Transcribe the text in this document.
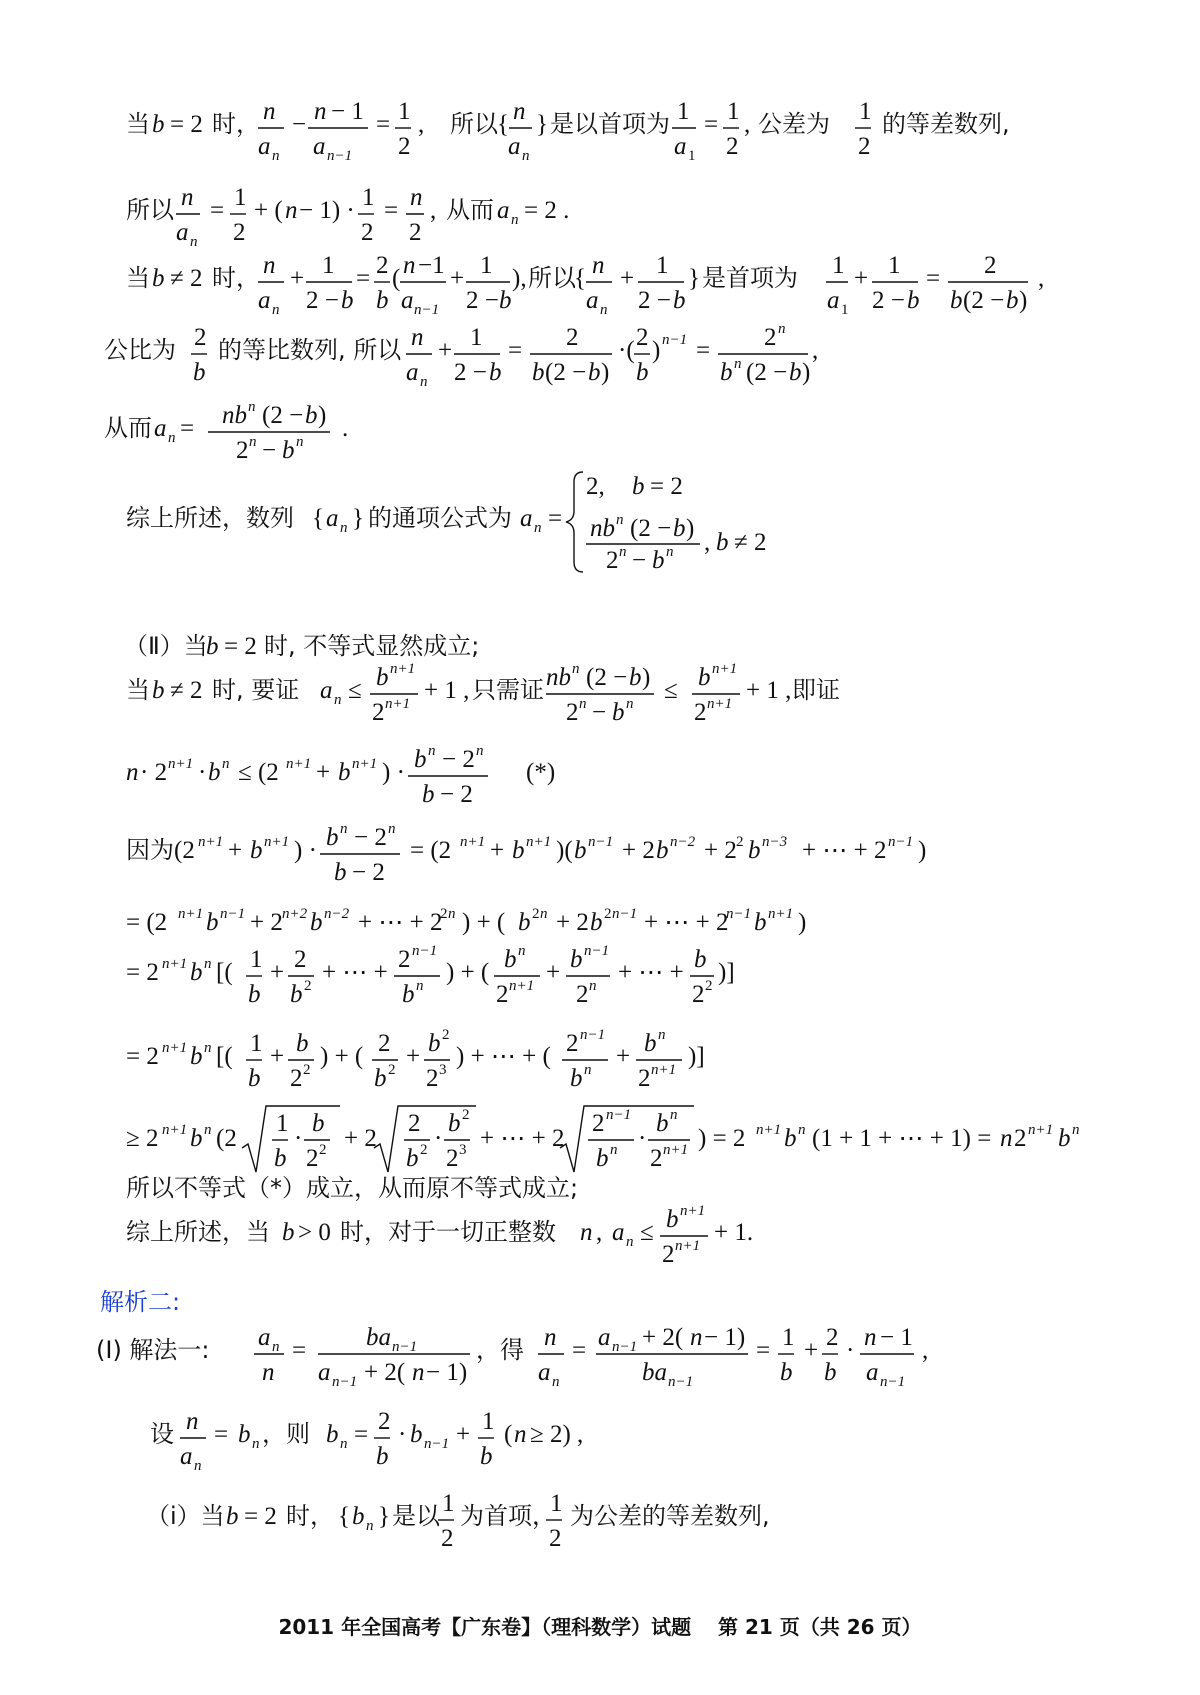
当 b = 2 时， n
a n
− n − 1
a n−1
= 1
2
, 所以 { n
a n
} 是以首项为 1
a 1
= 1
2
, 公差为 1
2
的等差数列,
所以 n
a n
= 1
2
+ ( n − 1) · 1
2
= n
2
, 从而 a n = 2 .
当 b ≠ 2 时， n
a n
+ 1
2 − b
= 2
b
( n −1
a n−1
+ 1
2 − b
), 所以
{ n
a n
+ 1
2 − b
} 是首项为 1
a 1
+ 1
2 − b
= 2
b (2 − b )
,
公比为 2
b
的等比数列, 所以 n
a n
+ 1
2 − b
= 2
b (2 − b )
·( 2
b
) n−1 = 2 n
b n (2 − b )
,
从而 a n = nb n (2 − b )
2 n − b n .
综上所述，数列 { a n } 的通项公式为 a n =
2, b = 2
nb n (2 − b )
2 n − b n , b ≠ 2
（Ⅱ）当
b = 2 时, 不等式显然成立;
当 b ≠ 2 时, 要证 a n ≤ b n+1
2 n+1 + 1 , 只需证 nb n (2 − b )
2 n − b n ≤ b n+1
2 n+1 + 1 , 即证
n · 2 n+1 · b n ≤ (2 n+1 + b n+1 ) · b n − 2 n
b − 2
(*)
因为 (2 n+1 + b n+1 ) · b n − 2 n
b − 2
= (2 n+1 + b n+1 )( b n−1 + 2 b n−2 + 2 2 b n−3 + ⋯ + 2 n−1 )
= (2 n+1 b n−1 + 2 n+2 b n−2 + ⋯ + 2
2 n ) + ( b 2 n + 2 b 2 n−1 + ⋯ + 2
n−1 b n+1 )
= 2 n+1 b n [( 1
b
+ 2
b 2 + ⋯ + 2 n−1
b n ) + ( b n
2 n+1 + b n−1
2 n + ⋯ + b
2 2 )]
= 2 n+1 b n [( 1
b
+ b
2 2 ) + ( 2
b 2 + b 2
2 3 ) + ⋯ + ( 2 n−1
b n + b n
2 n+1 )]
≥ 2 n+1 b n (2
1
b
·
b
2 2 + 2
2
b 2 ·
b 2
2 3 + ⋯ + 2
2 n−1
b n ·
b n
2 n+1 ) = 2 n+1 b n (1 + 1 + ⋯ + 1) = n 2 n+1 b n
所以不等式（*）成立，从而原不等式成立;
综上所述，当 b > 0 时，对于一切正整数 n , a n ≤ b n+1
2 n+1 + 1.
解析二:
(Ⅰ) 解法一: a n
n
= ba n−1
a n−1 + 2( n − 1)
，得 n
a n
= a n−1 + 2( n − 1)
ba n−1
= 1
b
+ 2
b
· n − 1
a n−1
,
设 n
a n
= b n ，则 b n = 2
b
· b n−1 + 1
b
( n ≥ 2) ,
（ⅰ）当 b = 2 时， { b n } 是以 1
2
为首项，
1
2
为公差的等差数列,
2011 年全国高考【广东卷】（理科数学）试题　 第 21 页（共 26 页）
